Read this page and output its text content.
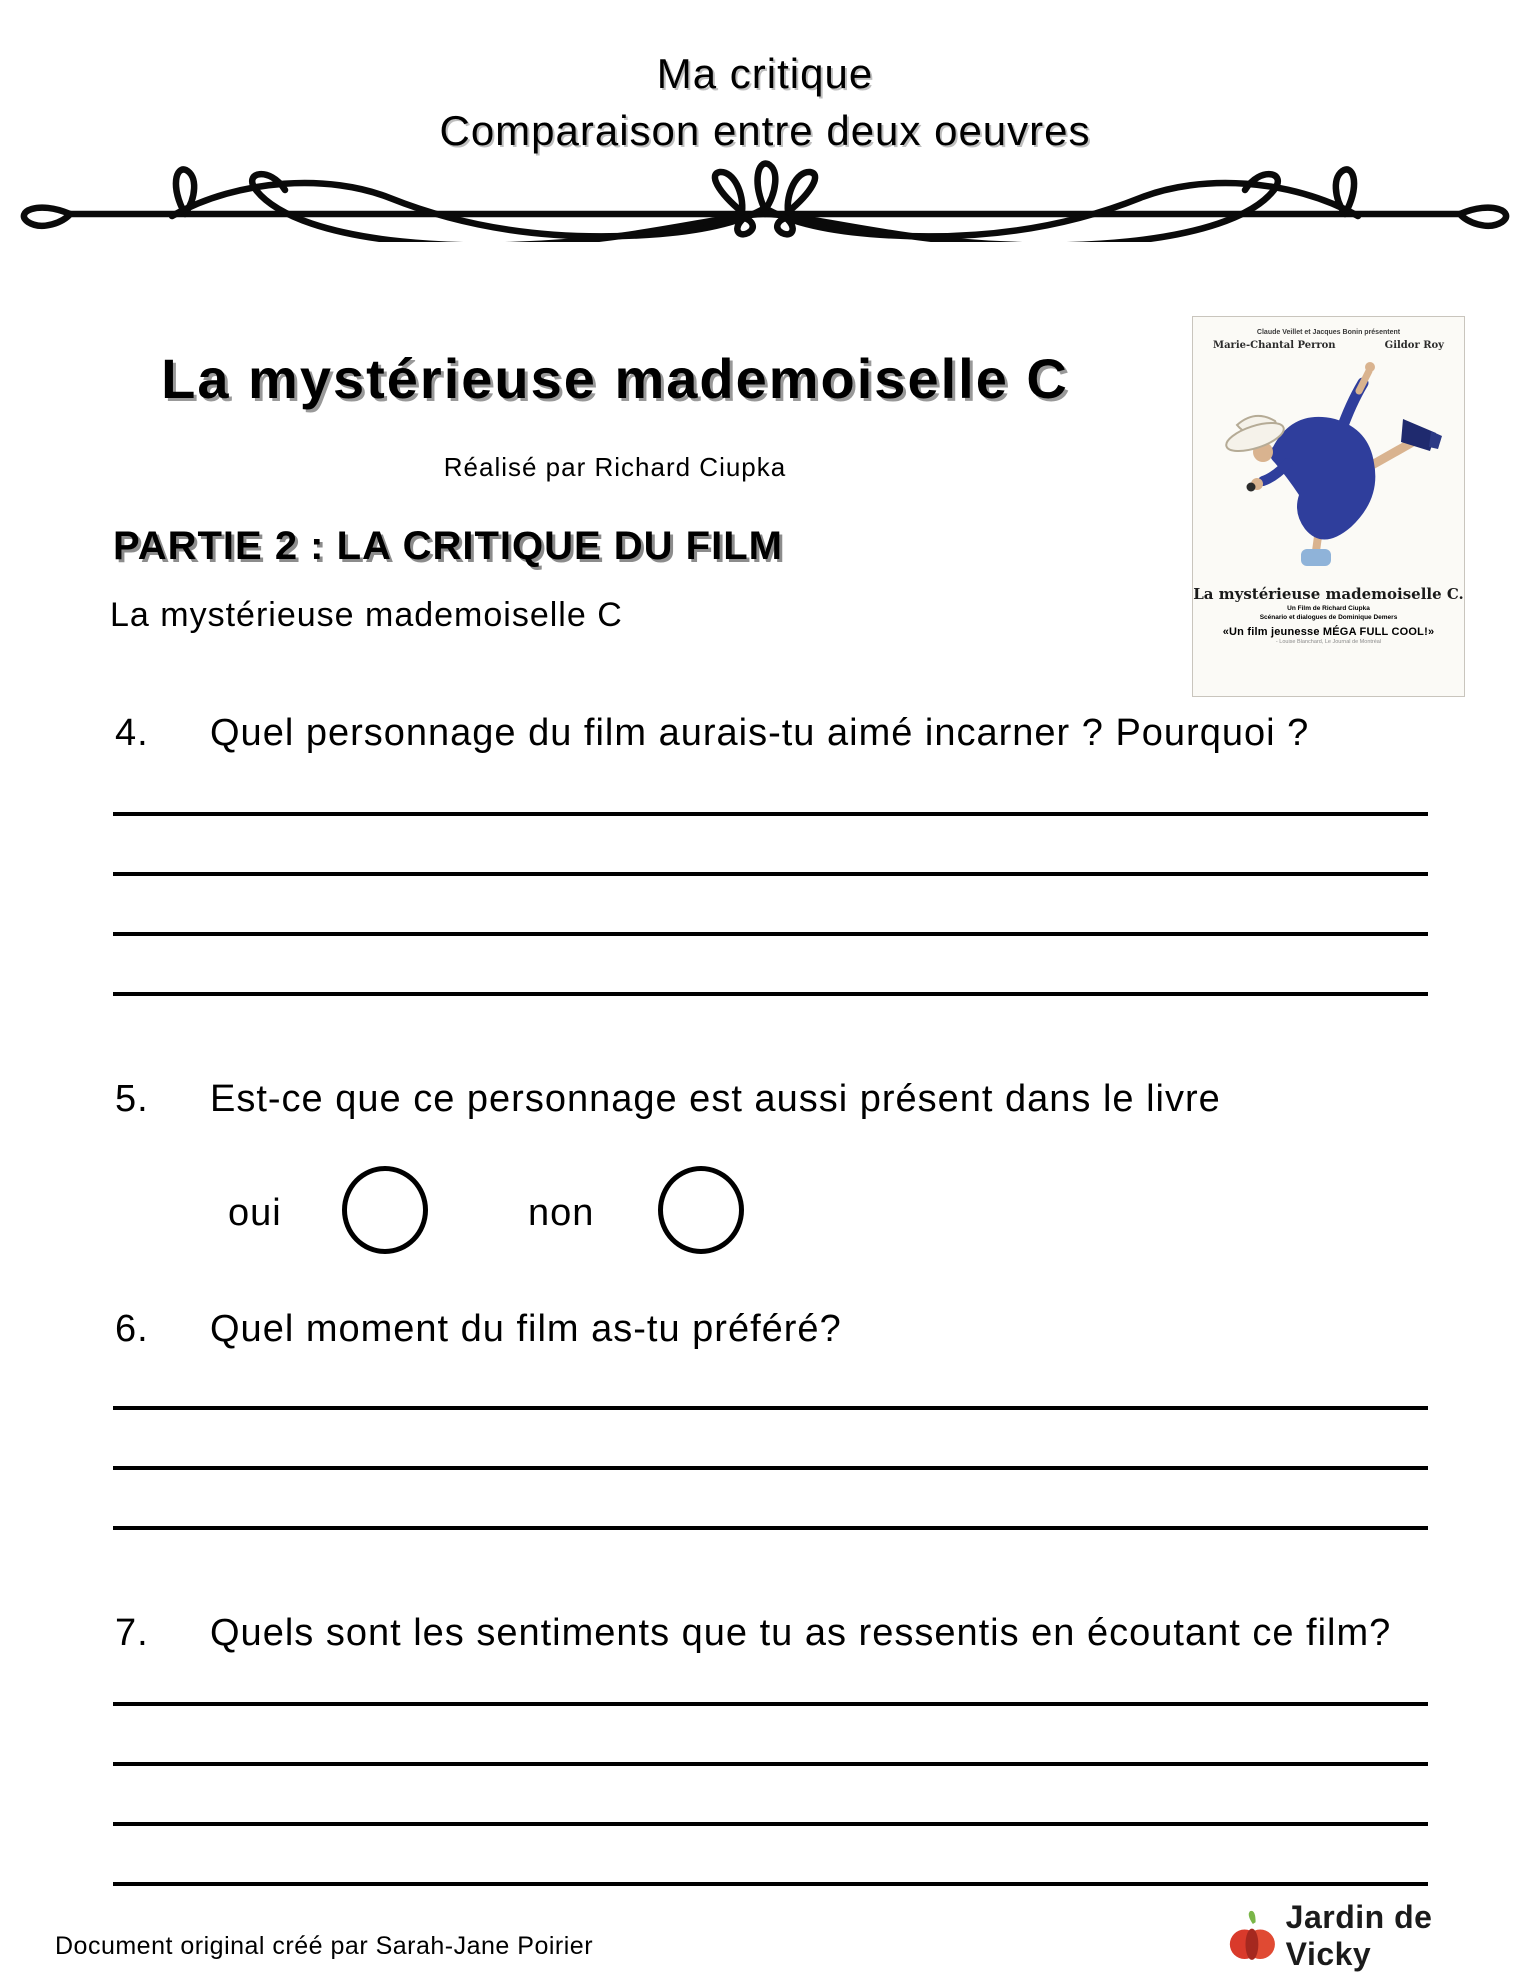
Ma critique
Comparaison entre deux oeuvres
La mystérieuse mademoiselle C
Réalisé par Richard Ciupka
Claude Veillet et Jacques Bonin présentent
Marie-Chantal Perron	Gildor Roy
La mystérieuse mademoiselle C.
Un Film de Richard Ciupka
Scénario et dialogues de Dominique Demers
«Un film jeunesse MÉGA FULL COOL!»
- Louise Blanchard, Le Journal de Montréal
PARTIE 2 : LA CRITIQUE DU FILM
La mystérieuse mademoiselle C
4. Quel personnage du film aurais-tu aimé incarner ? Pourquoi ?
5. Est-ce que ce personnage est aussi présent dans le livre
oui	non
6. Quel moment du film as-tu préféré?
7. Quels sont les sentiments que tu as ressentis en écoutant ce film?
Document original créé par Sarah-Jane Poirier
Jardin de Vicky
